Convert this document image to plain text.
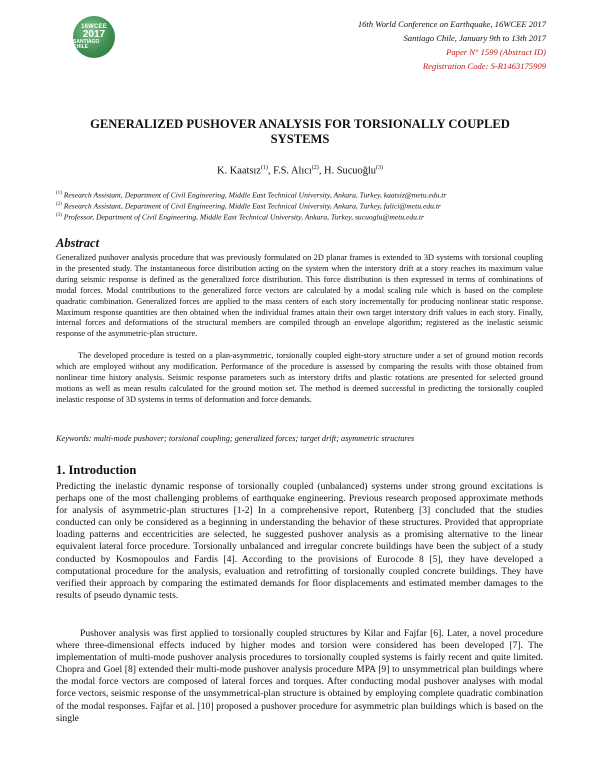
16WCEE
2017
SANTIAGO CHILE
16th World Conference on Earthquake, 16WCEE 2017
Santiago Chile, January 9th to 13th 2017
Paper N° 1599 (Abstract ID)
Registration Code: S-R1463175909
GENERALIZED PUSHOVER ANALYSIS FOR TORSIONALLY COUPLED SYSTEMS
K. Kaatsız$^{(1)}$, F.S. Alıcı$^{(2)}$, H. Sucuoğlu$^{(3)}$
$^{(1)}$ Research Assistant, Department of Civil Engineering, Middle East Technical University, Ankara, Turkey, kaatsiz@metu.edu.tr
$^{(2)}$ Research Assistant, Department of Civil Engineering, Middle East Technical University, Ankara, Turkey, falici@metu.edu.tr
$^{(3)}$ Professor, Department of Civil Engineering, Middle East Technical University, Ankara, Turkey, sucuoglu@metu.edu.tr
Abstract

Generalized pushover analysis procedure that was previously formulated on 2D planar frames is extended to 3D systems with torsional coupling in the presented study. The instantaneous force distribution acting on the system when the interstory drift at a story reaches its maximum value during seismic response is defined as the generalized force distribution. This force distribution is then expressed in terms of combinations of modal forces. Modal contributions to the generalized force vectors are calculated by a modal scaling rule which is based on the complete quadratic combination. Generalized forces are applied to the mass centers of each story incrementally for producing nonlinear static response. Maximum response quantities are then obtained when the individual frames attain their own target interstory drift values in each story. Finally, internal forces and deformations of the structural members are compiled through an envelope algorithm; registered as the inelastic seismic response of the asymmetric-plan structure.

The developed procedure is tested on a plan-asymmetric, torsionally coupled eight-story structure under a set of ground motion records which are employed without any modification. Performance of the procedure is assessed by comparing the results with those obtained from nonlinear time history analysis. Seismic response parameters such as interstory drifts and plastic rotations are presented for selected ground motions as well as mean results calculated for the ground motion set. The method is deemed successful in predicting the torsionally coupled inelastic response of 3D systems in terms of deformation and force demands.

Keywords: multi-mode pushover; torsional coupling; generalized forces; target drift; asymmetric structures

1. Introduction

Predicting the inelastic dynamic response of torsionally coupled (unbalanced) systems under strong ground excitations is perhaps one of the most challenging problems of earthquake engineering. Previous research proposed approximate methods for analysis of asymmetric-plan structures [1-2] In a comprehensive report, Rutenberg [3] concluded that the studies conducted can only be considered as a beginning in understanding the behavior of these structures. Provided that appropriate loading patterns and eccentricities are selected, he suggested pushover analysis as a promising alternative to the linear equivalent lateral force procedure. Torsionally unbalanced and irregular concrete buildings have been the subject of a study conducted by Kosmopoulos and Fardis [4]. According to the provisions of Eurocode 8 [5], they have developed a computational procedure for the analysis, evaluation and retrofitting of torsionally coupled concrete buildings. They have verified their approach by comparing the estimated demands for floor displacements and estimated member damages to the results of pseudo dynamic tests.

Pushover analysis was first applied to torsionally coupled structures by Kilar and Fajfar [6]. Later, a novel procedure where three-dimensional effects induced by higher modes and torsion were considered has been developed [7]. The implementation of multi-mode pushover analysis procedures to torsionally coupled systems is fairly recent and quite limited. Chopra and Goel [8] extended their multi-mode pushover analysis procedure MPA [9] to unsymmetrical plan buildings where the modal force vectors are composed of lateral forces and torques. After conducting modal pushover analyses with modal force vectors, seismic response of the unsymmetrical-plan structure is obtained by employing complete quadratic combination of the modal responses. Fajfar et al. [10] proposed a pushover procedure for asymmetric plan buildings which is based on the single
